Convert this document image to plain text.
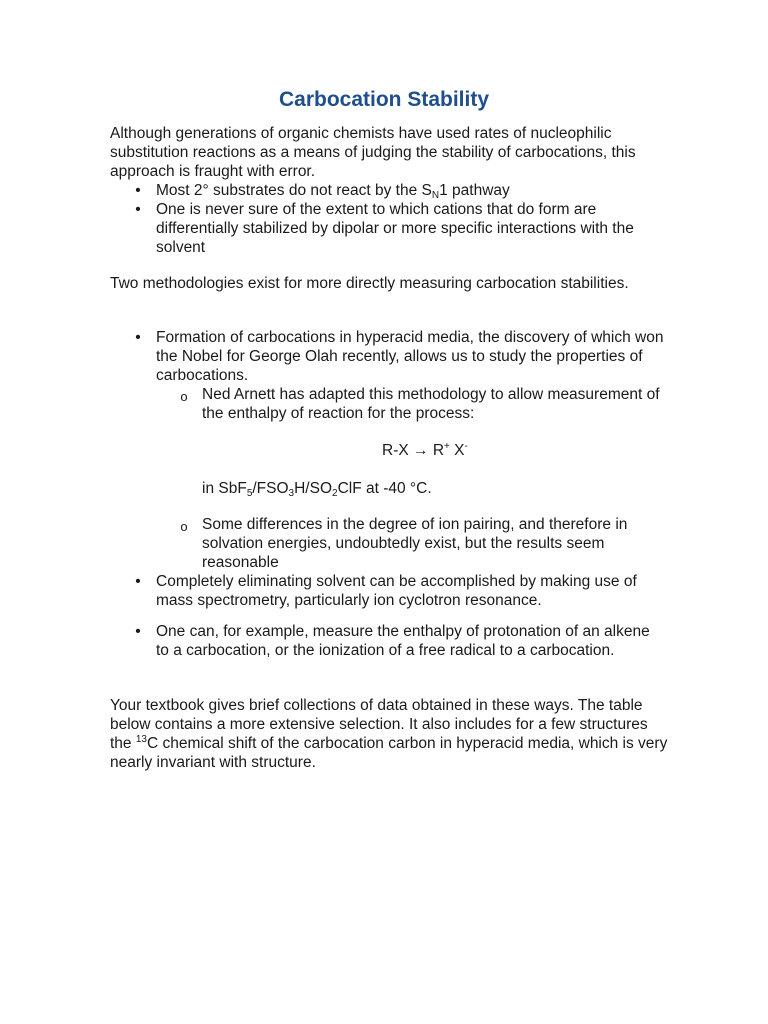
Carbocation Stability

Although generations of organic chemists have used rates of nucleophilic substitution reactions as a means of judging the stability of carbocations, this approach is fraught with error.

• Most 2° substrates do not react by the $S_N1$ pathway
• One is never sure of the extent to which cations that do form are differentially stabilized by dipolar or more specific interactions with the solvent

Two methodologies exist for more directly measuring carbocation stabilities.

• Formation of carbocations in hyperacid media, the discovery of which won the Nobel for George Olah recently, allows us to study the properties of carbocations.
o Ned Arnett has adapted this methodology to allow measurement of the enthalpy of reaction for the process:
R-X → R+ X-
in $SbF_5/FSO_3H/SO_2ClF$ at -40 °C.
o Some differences in the degree of ion pairing, and therefore in solvation energies, undoubtedly exist, but the results seem reasonable
• Completely eliminating solvent can be accomplished by making use of mass spectrometry, particularly ion cyclotron resonance.
• One can, for example, measure the enthalpy of protonation of an alkene to a carbocation, or the ionization of a free radical to a carbocation.

Your textbook gives brief collections of data obtained in these ways. The table below contains a more extensive selection. It also includes for a few structures the $^{13}$C chemical shift of the carbocation carbon in hyperacid media, which is very nearly invariant with structure.
